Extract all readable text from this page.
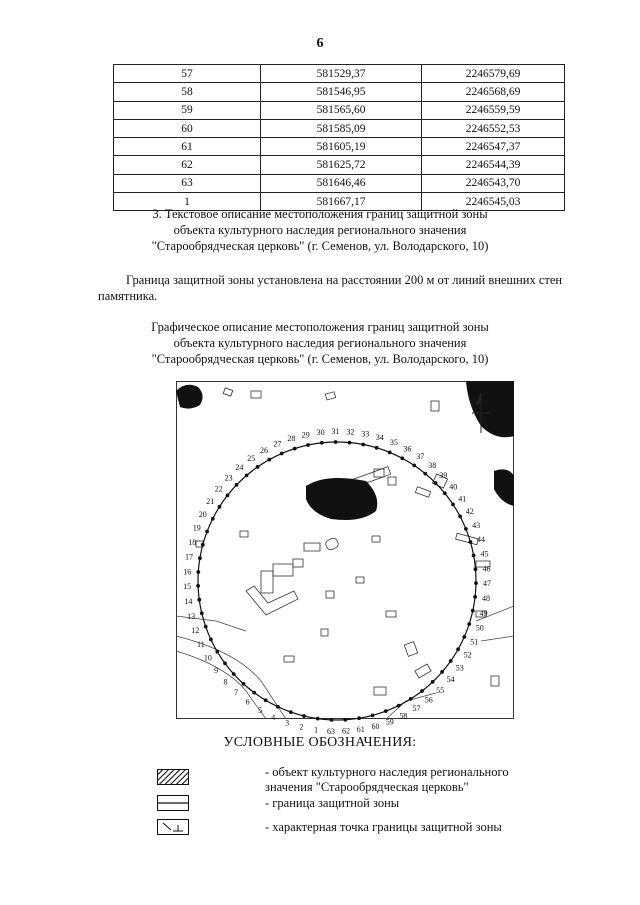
6
57	581529,37	2246579,69
58	581546,95	2246568,69
59	581565,60	2246559,59
60	581585,09	2246552,53
61	581605,19	2246547,37
62	581625,72	2246544,39
63	581646,46	2246543,70
1	581667,17	2246545,03
3. Текстовое описание местоположения границ защитной зоны
объекта культурного наследия регионального значения
"Старообрядческая церковь" (г. Семенов, ул. Володарского, 10)
Граница защитной зоны установлена на расстоянии 200 м от линий внешних стен
памятника.
Графическое описание местоположения границ защитной зоны
объекта культурного наследия регионального значения
"Старообрядческая церковь" (г. Семенов, ул. Володарского, 10)
С
1
2
3
4
5
6
7
8
9
10
11
12
13
14
15
16
17
18
19
20
21
22
23
24
25
26
27
28 29 30 31 32 33 34
35
36
37
38
39
40
41
42
43
44
45
46
47
48
49
50
51
52
53
54
55
56
57
58
59
60
61
62
63
УСЛОВНЫЕ ОБОЗНАЧЕНИЯ:
- объект культурного наследия регионального
значения "Старообрядческая церковь"
- граница защитной зоны
- характерная точка границы защитной зоны
